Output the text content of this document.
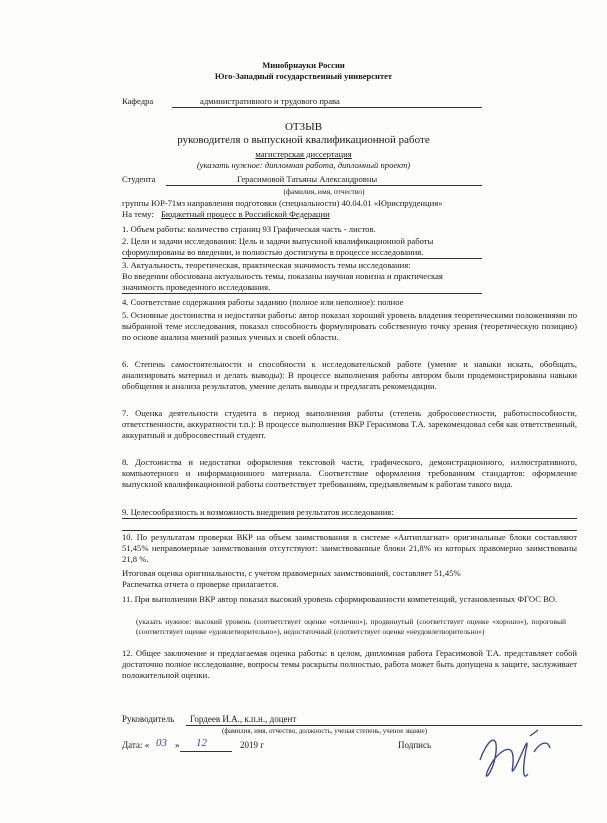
Минобрнауки России
Юго-Западный государственный университет
Кафедра	административного и трудового права
ОТЗЫВ
руководителя о выпускной квалификационной работе
магистерская диссертация
(указать нужное: дипломная работа, дипломный проект)
Студента	Герасимовой Татьяны Александровны
(фамилия, имя, отчество)
группы ЮР-71мз направления подготовки (специальности) 40.04.01 «Юриспруденция»
На тему: Бюджетный процесс в Российской Федерации
1. Объем работы: количество страниц 93 Графическая часть - листов.
2. Цели и задачи исследования: Цель и задачи выпускной квалификационной работы
сформулированы во введении, и полностью достигнуты в процессе исследования.
3. Актуальность, теоретическая, практическая значимость темы исследования:
Во введении обоснована актуальность темы, показаны научная новизна и практическая
значимость проведенного исследования.
4. Соответствие содержания работы заданию (полное или неполное): полное
5. Основные достоинства и недостатки работы: автор показал хороший уровень владения теоретическими положениями по выбранной теме исследования, показал способность формулировать собственную точку зрения (теоретическую позицию) по основе анализа мнений разных ученых и своей области.
6. Степень самостоятельности и способности к исследовательской работе (умение и навыки искать, обобщать, анализировать материал и делать выводы): В процессе выполнения работы автором были продемонстрированы навыки обобщения и анализа результатов, умение делать выводы и предлагать рекомендации.
7. Оценка деятельности студента в период выполнения работы (степень добросовестности, работоспособности, ответственности, аккуратности т.п.): В процессе выполнения ВКР Герасимова Т.А. зарекомендовал себя как ответственный, аккуратный и добросовестный студент.
8. Достоинства и недостатки оформления текстовой части, графического, демонстрационного, иллюстративного, компьютерного и информационного материала. Соответствие оформления требованиям стандартов: оформление выпускной квалификационной работы соответствует требованиям, предъявляемым к работам такого вида.
9. Целесообразность и возможность внедрения результатов исследования:
10. По результатам проверки ВКР на объем заимствования в системе «Антиплагиат» оригинальные блоки составляют 51,45% неправомерные заимствования отсутствуют: заимствованные блоки 21,8% из которых правомерно заимствованы 21,8 %.
Итоговая оценка оригинальности, с учетом правомерных заимствований, составляет 51,45%
Распечатка отчета о проверке прилагается.
11. При выполнении ВКР автор показал высокий уровень сформированности компетенций, установленных ФГОС ВО.
(указать нужное: высокий уровень (соответствует оценке «отлично»), продвинутый (соответствует оценке «хорошо»), пороговый (соответствует оценке «удовлетворительно»), недостаточный (соответствует оценке «неудовлетворительно»)
12. Общее заключение и предлагаемая оценка работы: в целом, дипломная работа Герасимовой Т.А. представляет собой достаточно полное исследование, вопросы темы раскрыты полностью, работа может быть допущена к защите, заслуживает положительной оценки.
Руководитель Гордеев И.А., к.п.н., доцент
(фамилия, имя, отчество, должность, ученая степень, ученое звание)
Дата: « 03 » 12	2019 г	Подпись
